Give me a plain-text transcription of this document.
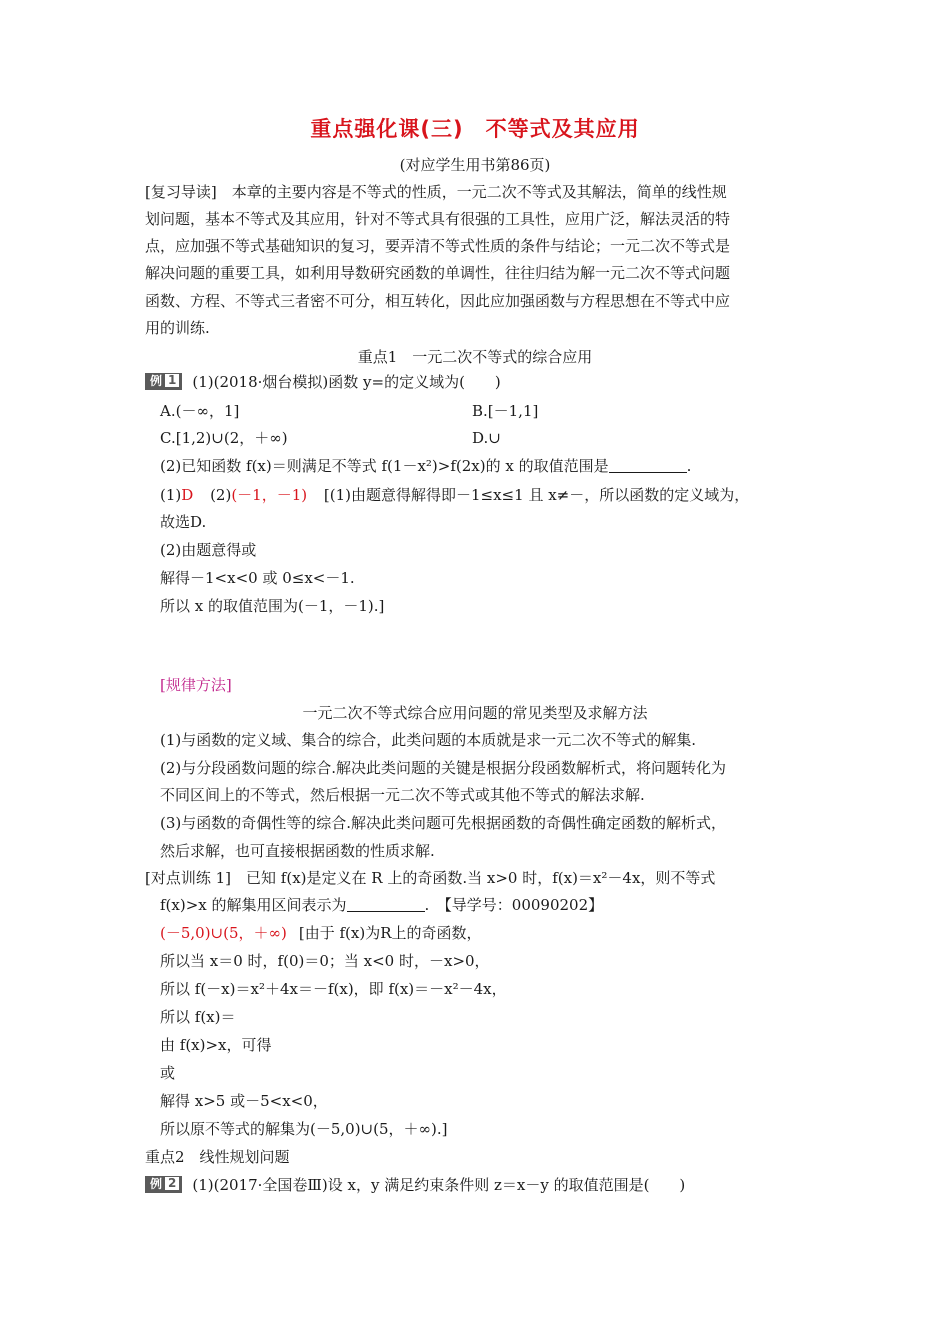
重点强化课(三)　不等式及其应用
(对应学生用书第86页)
[复习导读]　本章的主要内容是不等式的性质，一元二次不等式及其解法，简单的线性规
划问题，基本不等式及其应用，针对不等式具有很强的工具性，应用广泛，解法灵活的特
点，应加强不等式基础知识的复习，要弄清不等式性质的条件与结论；一元二次不等式是
解决问题的重要工具，如利用导数研究函数的单调性，往往归结为解一元二次不等式问题
函数、方程、不等式三者密不可分，相互转化，因此应加强函数与方程思想在不等式中应
用的训练.
重点1　一元二次不等式的综合应用
例 1 (1)(2018·烟台模拟)函数 y=的定义域为(　　)
A.(－∞，1]	B.[－1,1]
C.[1,2)∪(2，＋∞)	D.∪
(2)已知函数 f(x)＝则满足不等式 f(1－x²)>f(2x)的 x 的取值范围是	.
(1)D (2)(－1，－1) [(1)由题意得解得即－1≤x≤1 且 x≠－，所以函数的定义域为，
故选D.
(2)由题意得或
解得－1<x<0 或 0≤x<－1.
所以 x 的取值范围为(－1，－1).]
[规律方法]
一元二次不等式综合应用问题的常见类型及求解方法
(1)与函数的定义域、集合的综合，此类问题的本质就是求一元二次不等式的解集.
(2)与分段函数问题的综合.解决此类问题的关键是根据分段函数解析式，将问题转化为
不同区间上的不等式，然后根据一元二次不等式或其他不等式的解法求解.
(3)与函数的奇偶性等的综合.解决此类问题可先根据函数的奇偶性确定函数的解析式，
然后求解，也可直接根据函数的性质求解.
[对点训练 1]　已知 f(x)是定义在 R 上的奇函数.当 x>0 时，f(x)＝x²－4x，则不等式
f(x)>x 的解集用区间表示为	.　【导学号：00090202】
(－5,0)∪(5，＋∞) [由于 f(x)为R上的奇函数，
所以当 x＝0 时，f(0)＝0；当 x<0 时，－x>0，
所以 f(－x)＝x²＋4x＝－f(x)，即 f(x)＝－x²－4x，
所以 f(x)＝
由 f(x)>x，可得
或
解得 x>5 或－5<x<0，
所以原不等式的解集为(－5,0)∪(5，＋∞).]
重点2　线性规划问题
例 2 (1)(2017·全国卷Ⅲ)设 x，y 满足约束条件则 z＝x－y 的取值范围是(　　)
